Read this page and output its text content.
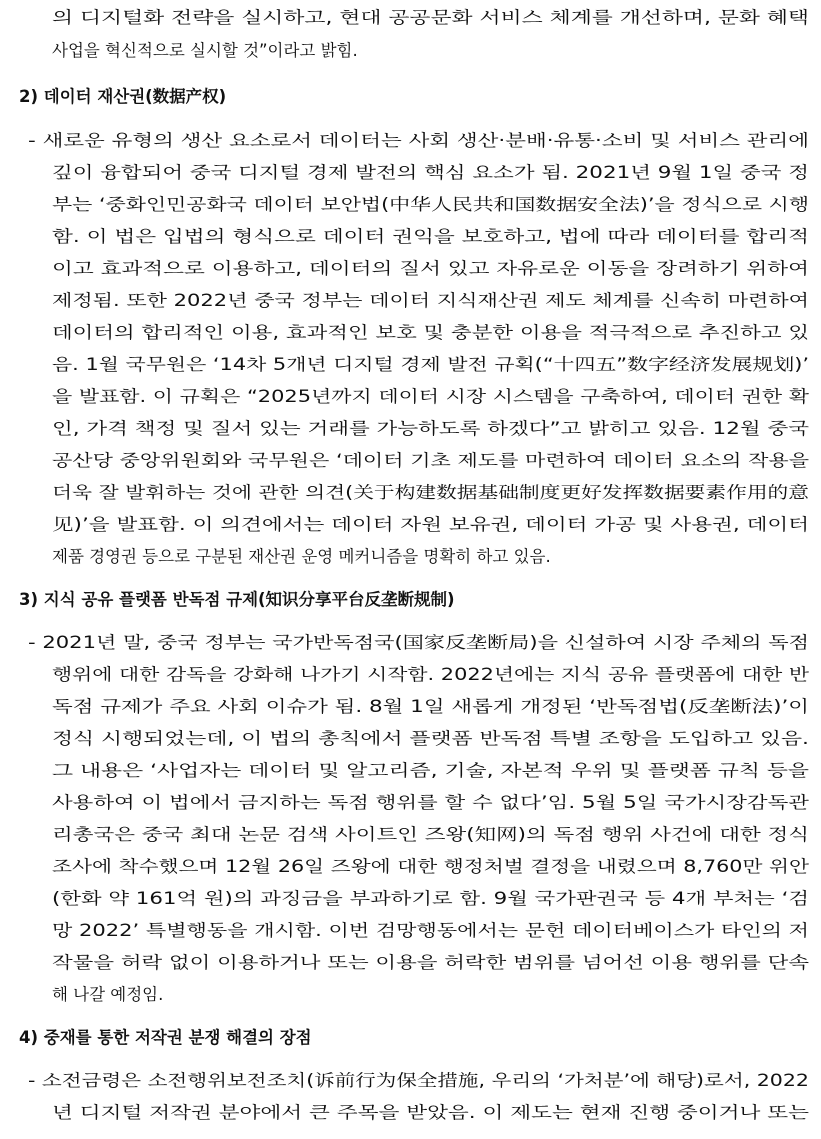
의 디지털화 전략을 실시하고, 현대 공공문화 서비스 체계를 개선하며, 문화 혜택
사업을 혁신적으로 실시할 것”이라고 밝힘.
2) 데이터 재산권(数据产权)
- 새로운 유형의 생산 요소로서 데이터는 사회 생산·분배·유통·소비 및 서비스 관리에
깊이 융합되어 중국 디지털 경제 발전의 핵심 요소가 됨. 2021년 9월 1일 중국 정
부는 ‘중화인민공화국 데이터 보안법(中华人民共和国数据安全法)’을 정식으로 시행
함. 이 법은 입법의 형식으로 데이터 권익을 보호하고, 법에 따라 데이터를 합리적
이고 효과적으로 이용하고, 데이터의 질서 있고 자유로운 이동을 장려하기 위하여
제정됨. 또한 2022년 중국 정부는 데이터 지식재산권 제도 체계를 신속히 마련하여
데이터의 합리적인 이용, 효과적인 보호 및 충분한 이용을 적극적으로 추진하고 있
음. 1월 국무원은 ‘14차 5개년 디지털 경제 발전 규획(“十四五”数字经济发展规划)’
을 발표함. 이 규획은 “2025년까지 데이터 시장 시스템을 구축하여, 데이터 권한 확
인, 가격 책정 및 질서 있는 거래를 가능하도록 하겠다”고 밝히고 있음. 12월 중국
공산당 중앙위원회와 국무원은 ‘데이터 기초 제도를 마련하여 데이터 요소의 작용을
더욱 잘 발휘하는 것에 관한 의견(关于构建数据基础制度更好发挥数据要素作用的意
见)’을 발표함. 이 의견에서는 데이터 자원 보유권, 데이터 가공 및 사용권, 데이터
제품 경영권 등으로 구분된 재산권 운영 메커니즘을 명확히 하고 있음.
3) 지식 공유 플랫폼 반독점 규제(知识分享平台反垄断规制)
- 2021년 말, 중국 정부는 국가반독점국(国家反垄断局)을 신설하여 시장 주체의 독점
행위에 대한 감독을 강화해 나가기 시작함. 2022년에는 지식 공유 플랫폼에 대한 반
독점 규제가 주요 사회 이슈가 됨. 8월 1일 새롭게 개정된 ‘반독점법(反垄断法)’이
정식 시행되었는데, 이 법의 총칙에서 플랫폼 반독점 특별 조항을 도입하고 있음.
그 내용은 ‘사업자는 데이터 및 알고리즘, 기술, 자본적 우위 및 플랫폼 규칙 등을
사용하여 이 법에서 금지하는 독점 행위를 할 수 없다’임. 5월 5일 국가시장감독관
리총국은 중국 최대 논문 검색 사이트인 즈왕(知网)의 독점 행위 사건에 대한 정식
조사에 착수했으며 12월 26일 즈왕에 대한 행정처벌 결정을 내렸으며 8,760만 위안
(한화 약 161억 원)의 과징금을 부과하기로 함. 9월 국가판권국 등 4개 부처는 ‘검
망 2022’ 특별행동을 개시함. 이번 검망행동에서는 문헌 데이터베이스가 타인의 저
작물을 허락 없이 이용하거나 또는 이용을 허락한 범위를 넘어선 이용 행위를 단속
해 나갈 예정임.
4) 중재를 통한 저작권 분쟁 해결의 장점
- 소전금령은 소전행위보전조치(诉前行为保全措施, 우리의 ‘가처분’에 해당)로서, 2022
년 디지털 저작권 분야에서 큰 주목을 받았음. 이 제도는 현재 진행 중이거나 또는
